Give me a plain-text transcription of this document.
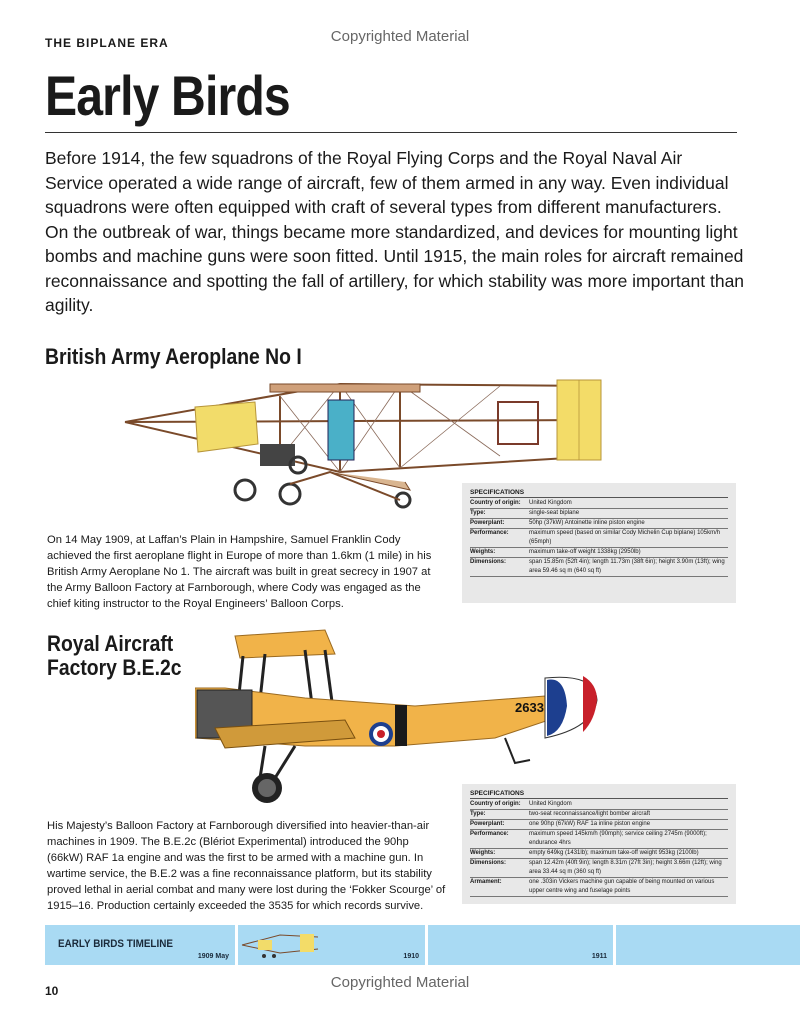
THE BIPLANE ERA	Copyrighted Material
Early Birds
Before 1914, the few squadrons of the Royal Flying Corps and the Royal Naval Air Service operated a wide range of aircraft, few of them armed in any way. Even individual squadrons were often equipped with craft of several types from different manufacturers. On the outbreak of war, things became more standardized, and devices for mounting light bombs and machine guns were soon fitted. Until 1915, the main roles for aircraft remained reconnaissance and spotting the fall of artillery, for which stability was more important than agility.
British Army Aeroplane No I
On 14 May 1909, at Laffan’s Plain in Hampshire, Samuel Franklin Cody achieved the first aeroplane flight in Europe of more than 1.6km (1 mile) in his British Army Aeroplane No 1. The aircraft was built in great secrecy in 1907 at the Army Balloon Factory at Farnborough, where Cody was engaged as the chief kiting instructor to the Royal Engineers’ Balloon Corps.
SPECIFICATIONS
Country of origin:	United Kingdom
Type:	single-seat biplane
Powerplant:	50hp (37kW) Antoinette inline piston engine
Performance:	maximum speed (based on similar Cody Michelin Cup biplane) 105km/h (65mph)
Weights:	maximum take-off weight 1338kg (2950lb)
Dimensions:	span 15.85m (52ft 4in); length 11.73m (38ft 6in); height 3.90m (13ft); wing area 59.46 sq m (640 sq ft)
Royal Aircraft Factory B.E.2c
2633
His Majesty’s Balloon Factory at Farnborough diversified into heavier-than-air machines in 1909. The B.E.2c (Blériot Experimental) introduced the 90hp (66kW) RAF 1a engine and was the first to be armed with a machine gun. In wartime service, the B.E.2 was a fine reconnaissance platform, but its stability proved lethal in aerial combat and many were lost during the ‘Fokker Scourge’ of 1915–16. Production certainly exceeded the 3535 for which records survive.
SPECIFICATIONS
Country of origin:	United Kingdom
Type:	two-seat reconnaissance/light bomber aircraft
Powerplant:	one 90hp (67kW) RAF 1a inline piston engine
Performance:	maximum speed 145km/h (90mph); service ceiling 2745m (9000ft); endurance 4hrs
Weights:	empty 649kg (1431lb); maximum take-off weight 953kg (2100lb)
Dimensions:	span 12.42m (40ft 9in); length 8.31m (27ft 3in); height 3.66m (12ft); wing area 33.44 sq m (360 sq ft)
Armament:	one .303in Vickers machine gun capable of being mounted on various upper centre wing and fuselage points
EARLY BIRDS TIMELINE
1909 May	1910	1911
Copyrighted Material
10
